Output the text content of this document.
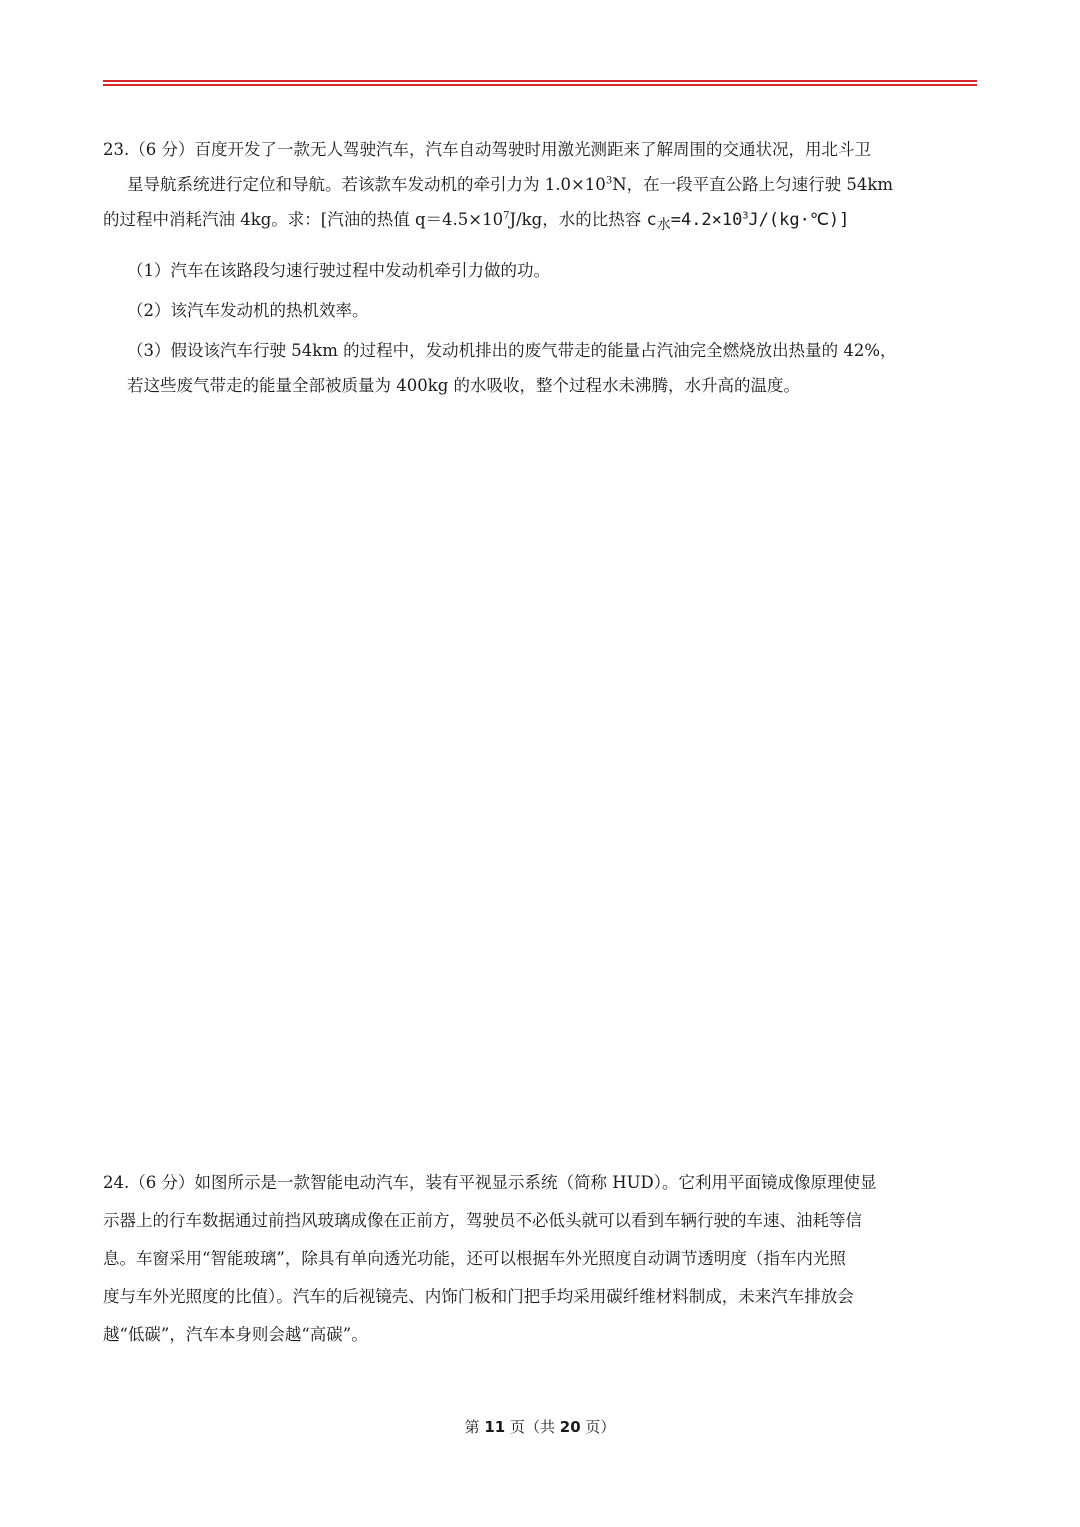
23.（6 分）百度开发了一款无人驾驶汽车，汽车自动驾驶时用激光测距来了解周围的交通状况，用北斗卫

星导航系统进行定位和导航。若该款车发动机的牵引力为 $1.0\times 10^3N$，在一段平直公路上匀速行驶 54km

的过程中消耗汽油 4kg。求：[汽油的热值 $q=4.5\times 10^7J/kg$，水的比热容 $c_水=4.2\times 10^3J/(kg\cdot℃)$]

（1）汽车在该路段匀速行驶过程中发动机牵引力做的功。

（2）该汽车发动机的热机效率。

（3）假设该汽车行驶 54km 的过程中，发动机排出的废气带走的能量占汽油完全燃烧放出热量的 42%，

若这些废气带走的能量全部被质量为 400kg 的水吸收，整个过程水未沸腾，水升高的温度。

24.（6 分）如图所示是一款智能电动汽车，装有平视显示系统（简称 HUD）。它利用平面镜成像原理使显

示器上的行车数据通过前挡风玻璃成像在正前方，驾驶员不必低头就可以看到车辆行驶的车速、油耗等信

息。车窗采用“智能玻璃”，除具有单向透光功能，还可以根据车外光照度自动调节透明度（指车内光照

度与车外光照度的比值）。汽车的后视镜壳、内饰门板和门把手均采用碳纤维材料制成，未来汽车排放会

越“低碳”，汽车本身则会越“高碳”。

第 11 页（共 20 页）
